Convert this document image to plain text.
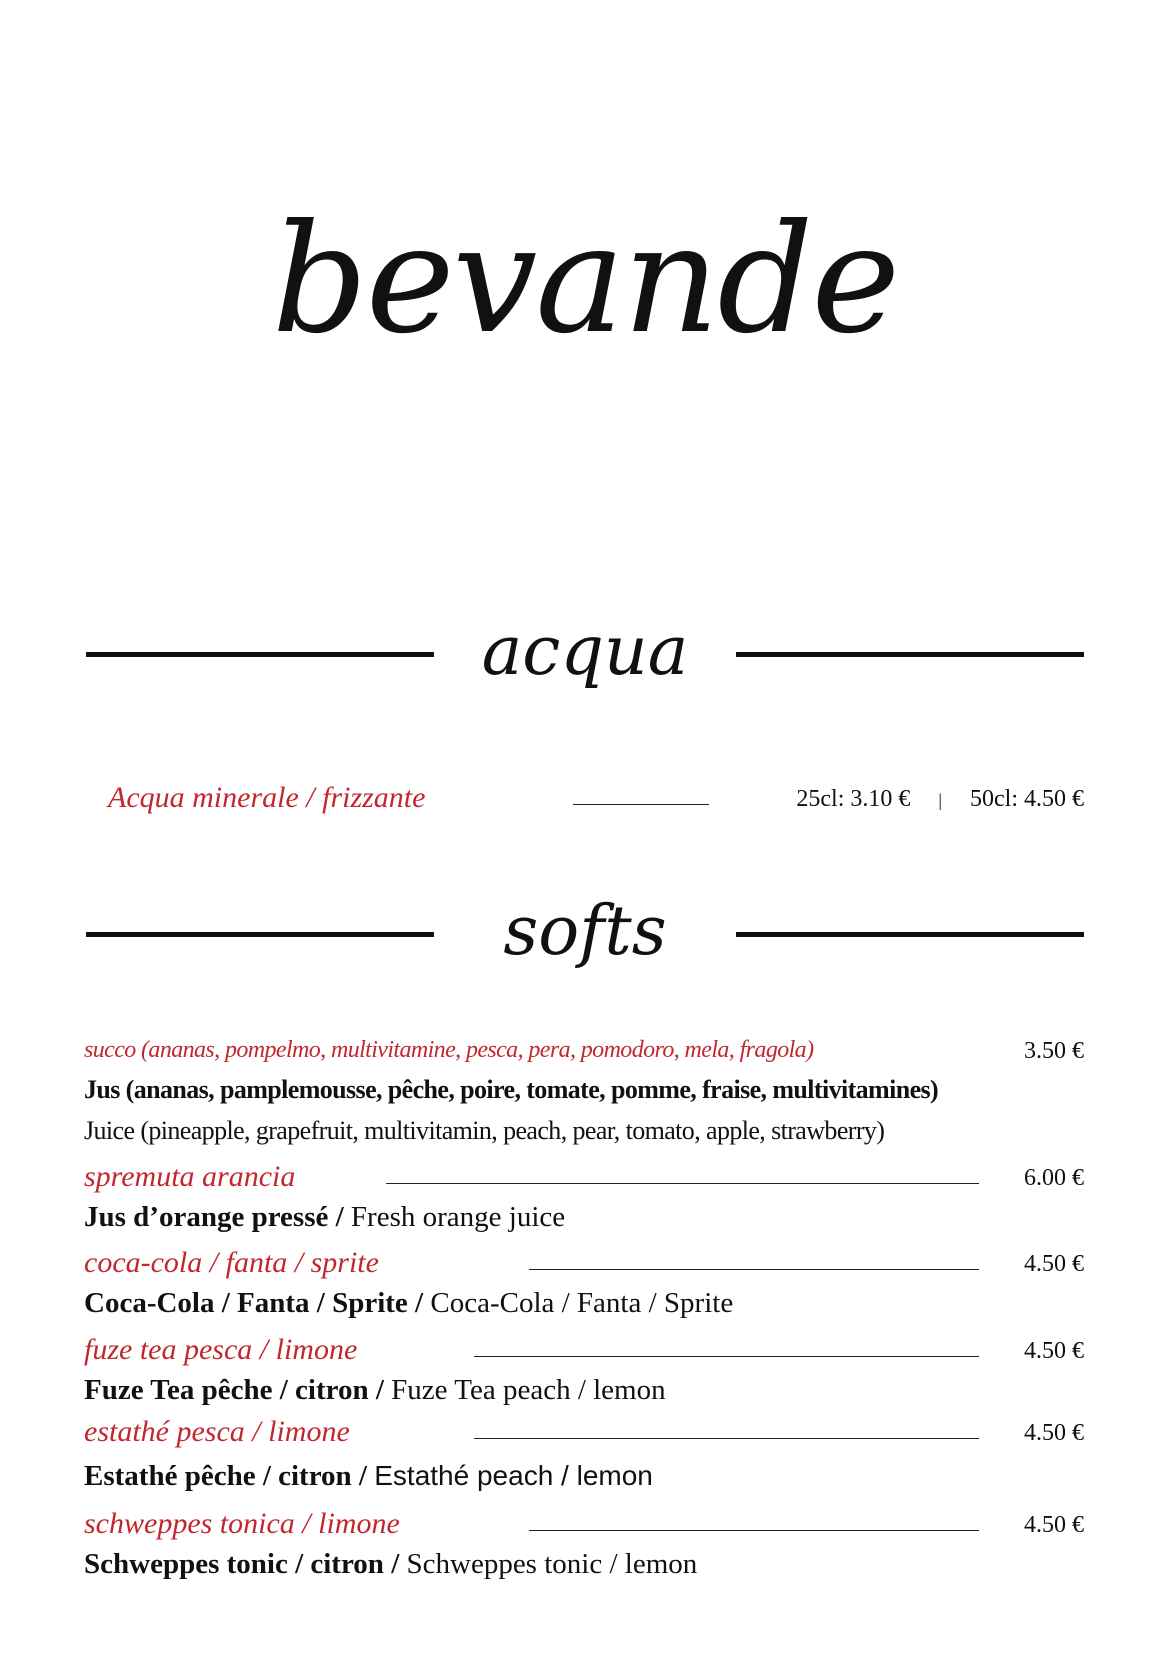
bevande
acqua
Acqua minerale / frizzante	25cl: 3.10 € | 50cl: 4.50 €
softs
succo (ananas, pompelmo, multivitamine, pesca, pera, pomodoro, mela, fragola)	3.50 €
Jus (ananas, pamplemousse, pêche, poire, tomate, pomme, fraise, multivitamines)
Juice (pineapple, grapefruit, multivitamin, peach, pear, tomato, apple, strawberry)
spremuta arancia	6.00 €
Jus d’orange pressé / Fresh orange juice
coca-cola / fanta / sprite	4.50 €
Coca-Cola / Fanta / Sprite / Coca-Cola / Fanta / Sprite
fuze tea pesca / limone	4.50 €
Fuze Tea pêche / citron / Fuze Tea peach / lemon
estathé pesca / limone	4.50 €
Estathé pêche / citron / Estathé peach / lemon
schweppes tonica / limone	4.50 €
Schweppes tonic / citron / Schweppes tonic / lemon
